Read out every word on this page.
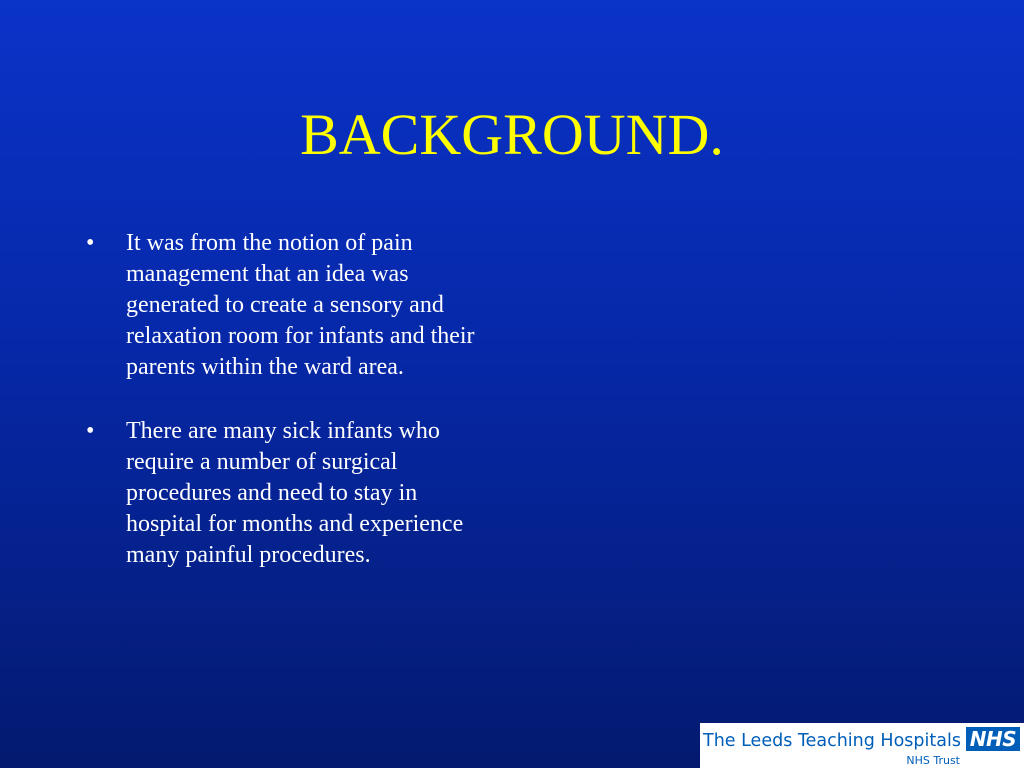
BACKGROUND.
• It was from the notion of pain management that an idea was generated to create a sensory and relaxation room for infants and their parents within the ward area.
• There are many sick infants who require a number of surgical procedures and need to stay in hospital for months and experience many painful procedures.
The Leeds Teaching Hospitals NHS
NHS Trust
